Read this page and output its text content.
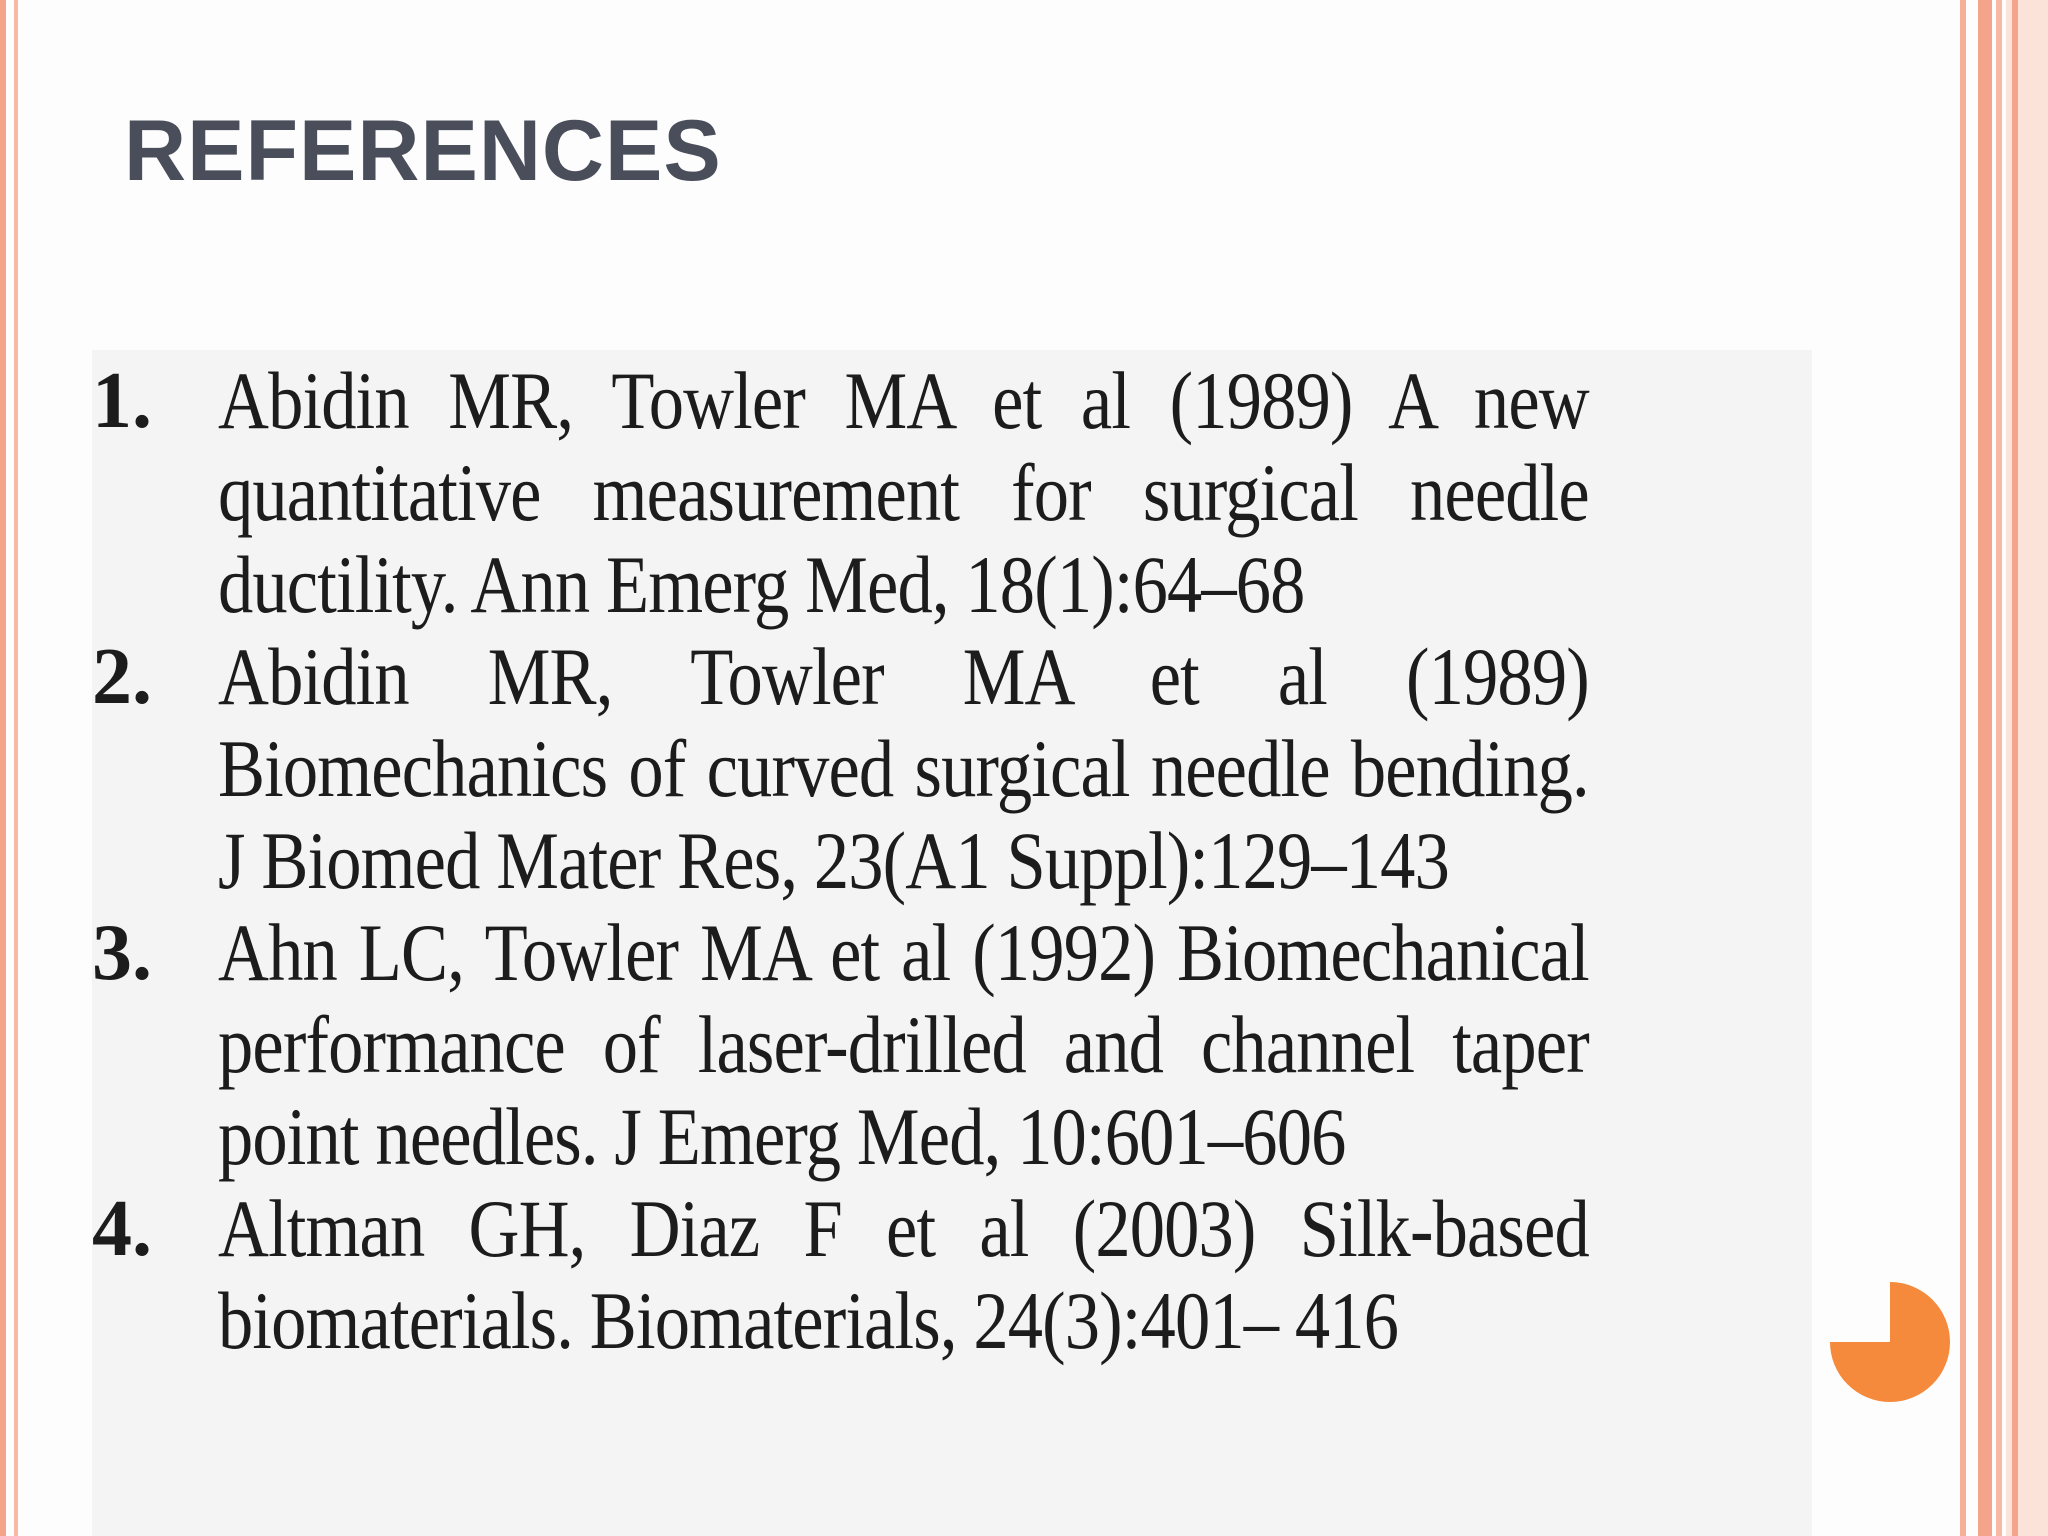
REFERENCES
1. Abidin MR, Towler MA et al (1989) A new quantitative measurement for surgical needle ductility. Ann Emerg Med, 18(1):64–68
2. Abidin MR, Towler MA et al (1989) Biomechanics of curved surgical needle bending. J Biomed Mater Res, 23(A1 Suppl):129–143
3. Ahn LC, Towler MA et al (1992) Biomechanical performance of laser-drilled and channel taper point needles. J Emerg Med, 10:601–606
4. Altman GH, Diaz F et al (2003) Silk-based biomaterials. Biomaterials, 24(3):401– 416
